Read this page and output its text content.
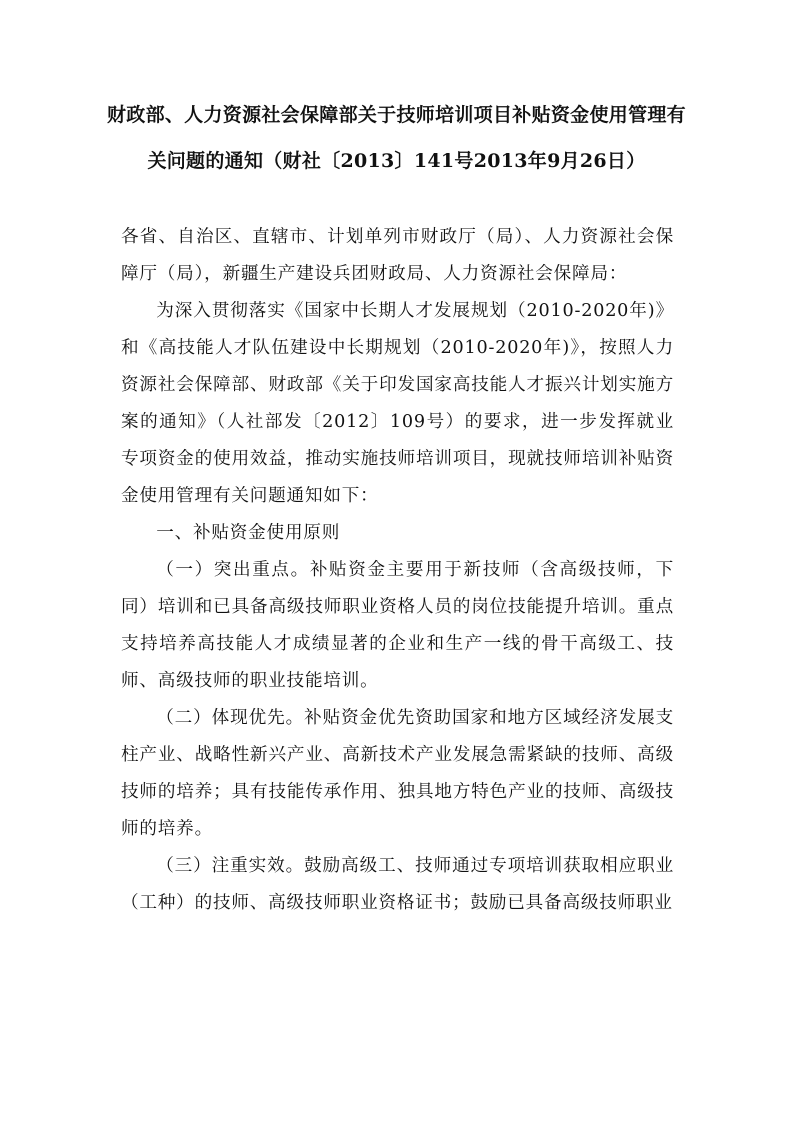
财政部、人力资源社会保障部关于技师培训项目补贴资金使用管理有
关问题的通知（财社〔2013〕141号2013年9月26日）

各省、自治区、直辖市、计划单列市财政厅（局）、人力资源社会保障厅（局），新疆生产建设兵团财政局、人力资源社会保障局：

为深入贯彻落实《国家中长期人才发展规划（2010-2020年)》和《高技能人才队伍建设中长期规划（2010-2020年)》，按照人力资源社会保障部、财政部《关于印发国家高技能人才振兴计划实施方案的通知》（人社部发〔2012〕109号）的要求，进一步发挥就业专项资金的使用效益，推动实施技师培训项目，现就技师培训补贴资金使用管理有关问题通知如下：

一、补贴资金使用原则

（一）突出重点。补贴资金主要用于新技师（含高级技师，下同）培训和已具备高级技师职业资格人员的岗位技能提升培训。重点支持培养高技能人才成绩显著的企业和生产一线的骨干高级工、技师、高级技师的职业技能培训。

（二）体现优先。补贴资金优先资助国家和地方区域经济发展支柱产业、战略性新兴产业、高新技术产业发展急需紧缺的技师、高级技师的培养；具有技能传承作用、独具地方特色产业的技师、高级技师的培养。

（三）注重实效。鼓励高级工、技师通过专项培训获取相应职业（工种）的技师、高级技师职业资格证书；鼓励已具备高级技师职业
